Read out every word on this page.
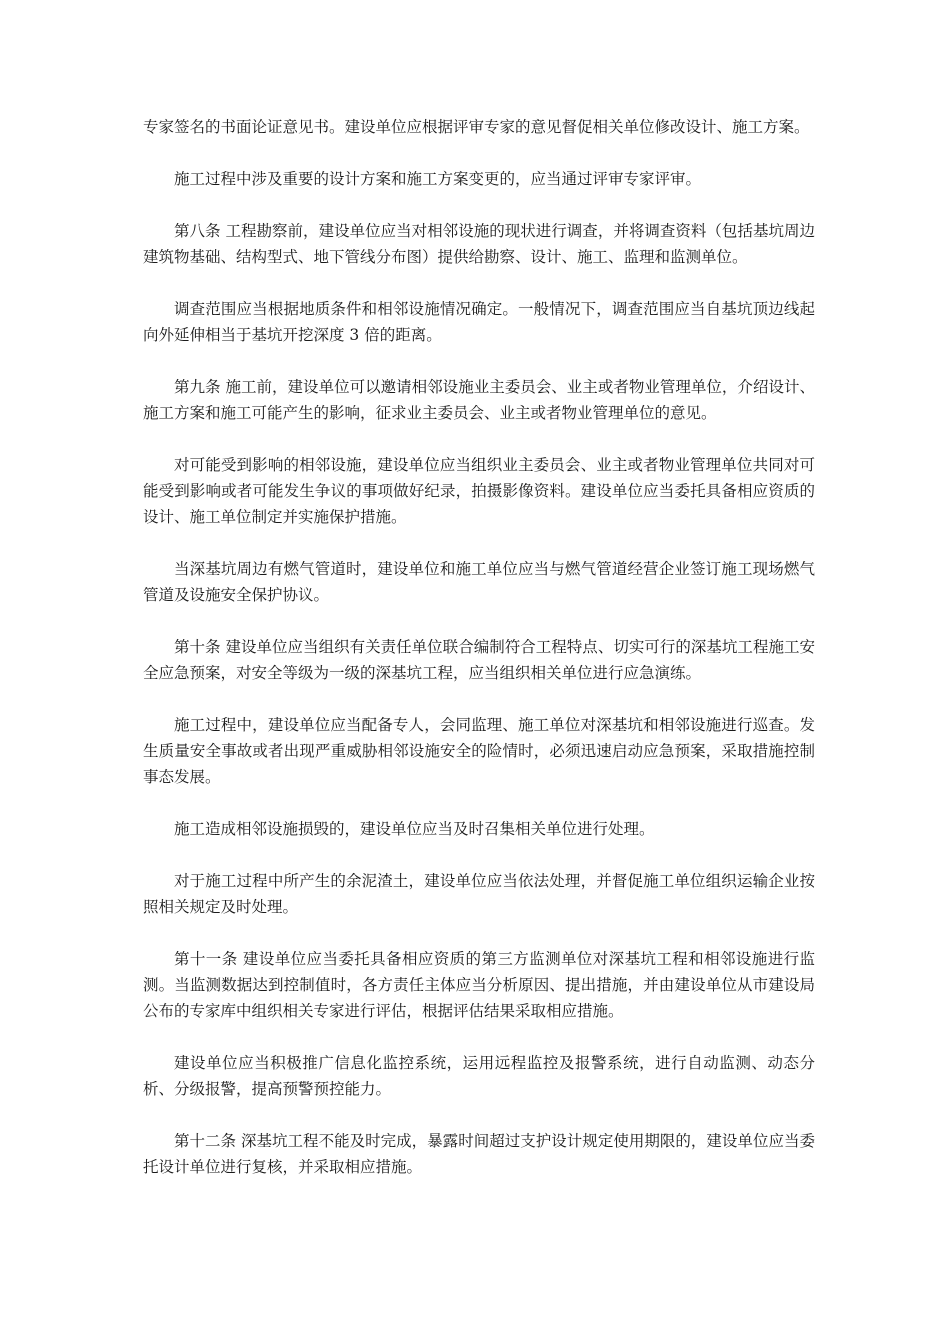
专家签名的书面论证意见书。建设单位应根据评审专家的意见督促相关单位修改设计、施工方案。

施工过程中涉及重要的设计方案和施工方案变更的，应当通过评审专家评审。

第八条 工程勘察前，建设单位应当对相邻设施的现状进行调查，并将调查资料（包括基坑周边建筑物基础、结构型式、地下管线分布图）提供给勘察、设计、施工、监理和监测单位。

调查范围应当根据地质条件和相邻设施情况确定。一般情况下，调查范围应当自基坑顶边线起向外延伸相当于基坑开挖深度 3 倍的距离。

第九条 施工前，建设单位可以邀请相邻设施业主委员会、业主或者物业管理单位，介绍设计、施工方案和施工可能产生的影响，征求业主委员会、业主或者物业管理单位的意见。

对可能受到影响的相邻设施，建设单位应当组织业主委员会、业主或者物业管理单位共同对可能受到影响或者可能发生争议的事项做好纪录，拍摄影像资料。建设单位应当委托具备相应资质的设计、施工单位制定并实施保护措施。

当深基坑周边有燃气管道时，建设单位和施工单位应当与燃气管道经营企业签订施工现场燃气管道及设施安全保护协议。

第十条 建设单位应当组织有关责任单位联合编制符合工程特点、切实可行的深基坑工程施工安全应急预案，对安全等级为一级的深基坑工程，应当组织相关单位进行应急演练。

施工过程中，建设单位应当配备专人，会同监理、施工单位对深基坑和相邻设施进行巡查。发生质量安全事故或者出现严重威胁相邻设施安全的险情时，必须迅速启动应急预案，采取措施控制事态发展。

施工造成相邻设施损毁的，建设单位应当及时召集相关单位进行处理。

对于施工过程中所产生的余泥渣土，建设单位应当依法处理，并督促施工单位组织运输企业按照相关规定及时处理。

第十一条 建设单位应当委托具备相应资质的第三方监测单位对深基坑工程和相邻设施进行监测。当监测数据达到控制值时，各方责任主体应当分析原因、提出措施，并由建设单位从市建设局公布的专家库中组织相关专家进行评估，根据评估结果采取相应措施。

建设单位应当积极推广信息化监控系统，运用远程监控及报警系统，进行自动监测、动态分析、分级报警，提高预警预控能力。

第十二条 深基坑工程不能及时完成，暴露时间超过支护设计规定使用期限的，建设单位应当委托设计单位进行复核，并采取相应措施。
